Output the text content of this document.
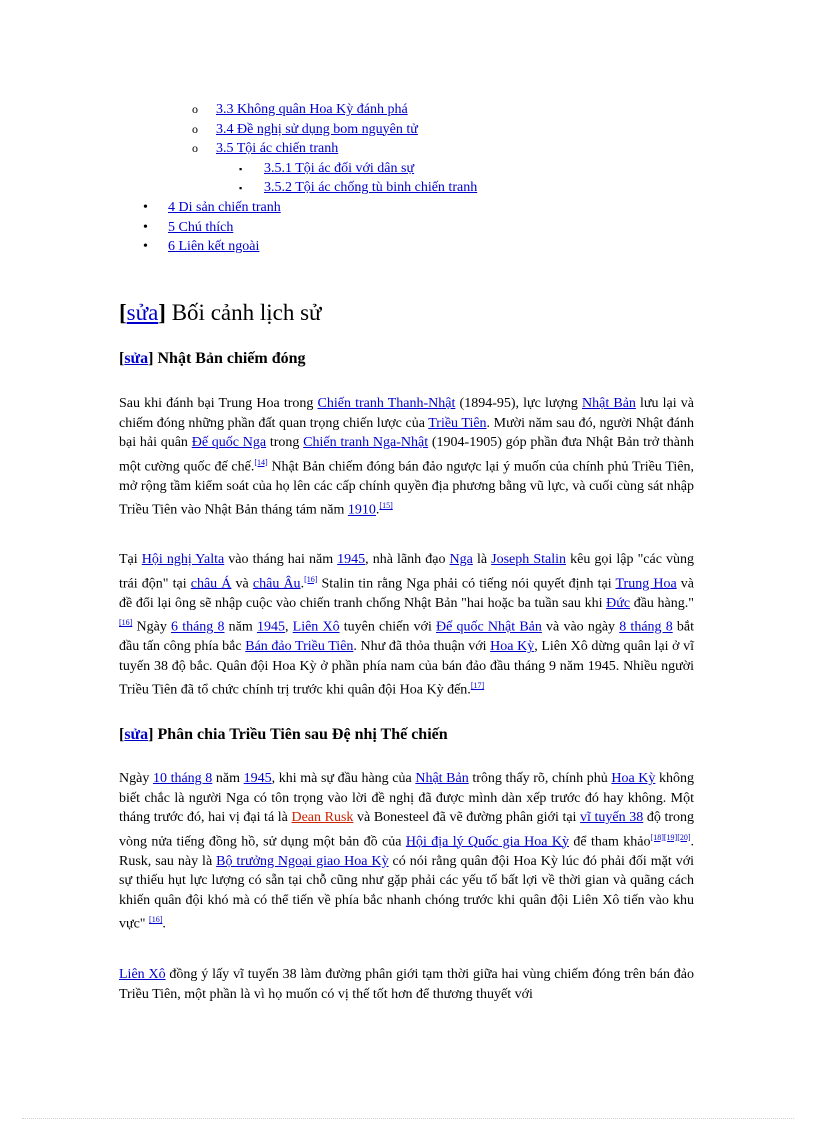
o 3.3 Không quân Hoa Kỳ đánh phá
o 3.4 Đề nghị sử dụng bom nguyên tử
o 3.5 Tội ác chiến tranh
▪ 3.5.1 Tội ác đối với dân sự
▪ 3.5.2 Tội ác chống tù binh chiến tranh
• 4 Di sản chiến tranh
• 5 Chú thích
• 6 Liên kết ngoài
[sửa] Bối cảnh lịch sử
[sửa] Nhật Bản chiếm đóng

Sau khi đánh bại Trung Hoa trong Chiến tranh Thanh-Nhật (1894-95), lực lượng Nhật Bản lưu lại và chiếm đóng những phần đất quan trọng chiến lược của Triều Tiên. Mười năm sau đó, người Nhật đánh bại hải quân Đế quốc Nga trong Chiến tranh Nga-Nhật (1904-1905) góp phần đưa Nhật Bản trở thành một cường quốc đế chế.[14] Nhật Bản chiếm đóng bán đảo ngược lại ý muốn của chính phủ Triều Tiên, mở rộng tầm kiểm soát của họ lên các cấp chính quyền địa phương bằng vũ lực, và cuối cùng sát nhập Triều Tiên vào Nhật Bản tháng tám năm 1910.[15]

Tại Hội nghị Yalta vào tháng hai năm 1945, nhà lãnh đạo Nga là Joseph Stalin kêu gọi lập "các vùng trái độn" tại châu Á và châu Âu.[16] Stalin tin rằng Nga phải có tiếng nói quyết định tại Trung Hoa và đề đổi lại ông sẽ nhập cuộc vào chiến tranh chống Nhật Bản "hai hoặc ba tuần sau khi Đức đầu hàng." [16] Ngày 6 tháng 8 năm 1945, Liên Xô tuyên chiến với Đế quốc Nhật Bản và vào ngày 8 tháng 8 bắt đầu tấn công phía bắc Bán đảo Triều Tiên. Như đã thỏa thuận với Hoa Kỳ, Liên Xô dừng quân lại ở vĩ tuyến 38 độ bắc. Quân đội Hoa Kỳ ở phần phía nam của bán đảo đầu tháng 9 năm 1945. Nhiều người Triều Tiên đã tổ chức chính trị trước khi quân đội Hoa Kỳ đến.[17]

[sửa] Phân chia Triều Tiên sau Đệ nhị Thế chiến

Ngày 10 tháng 8 năm 1945, khi mà sự đầu hàng của Nhật Bản trông thấy rõ, chính phủ Hoa Kỳ không biết chắc là người Nga có tôn trọng vào lời đề nghị đã được mình dàn xếp trước đó hay không. Một tháng trước đó, hai vị đại tá là Dean Rusk và Bonesteel đã vẽ đường phân giới tại vĩ tuyến 38 độ trong vòng nửa tiếng đồng hồ, sử dụng một bản đồ của Hội địa lý Quốc gia Hoa Kỳ để tham khảo[18][19][20]. Rusk, sau này là Bộ trưởng Ngoại giao Hoa Kỳ có nói rằng quân đội Hoa Kỳ lúc đó phải đối mặt với sự thiếu hụt lực lượng có sẵn tại chỗ cũng như gặp phải các yếu tố bất lợi về thời gian và quãng cách khiến quân đội khó mà có thể tiến về phía bắc nhanh chóng trước khi quân đội Liên Xô tiến vào khu vực" [16].

Liên Xô đồng ý lấy vĩ tuyến 38 làm đường phân giới tạm thời giữa hai vùng chiếm đóng trên bán đảo Triều Tiên, một phần là vì họ muốn có vị thế tốt hơn để thương thuyết với
